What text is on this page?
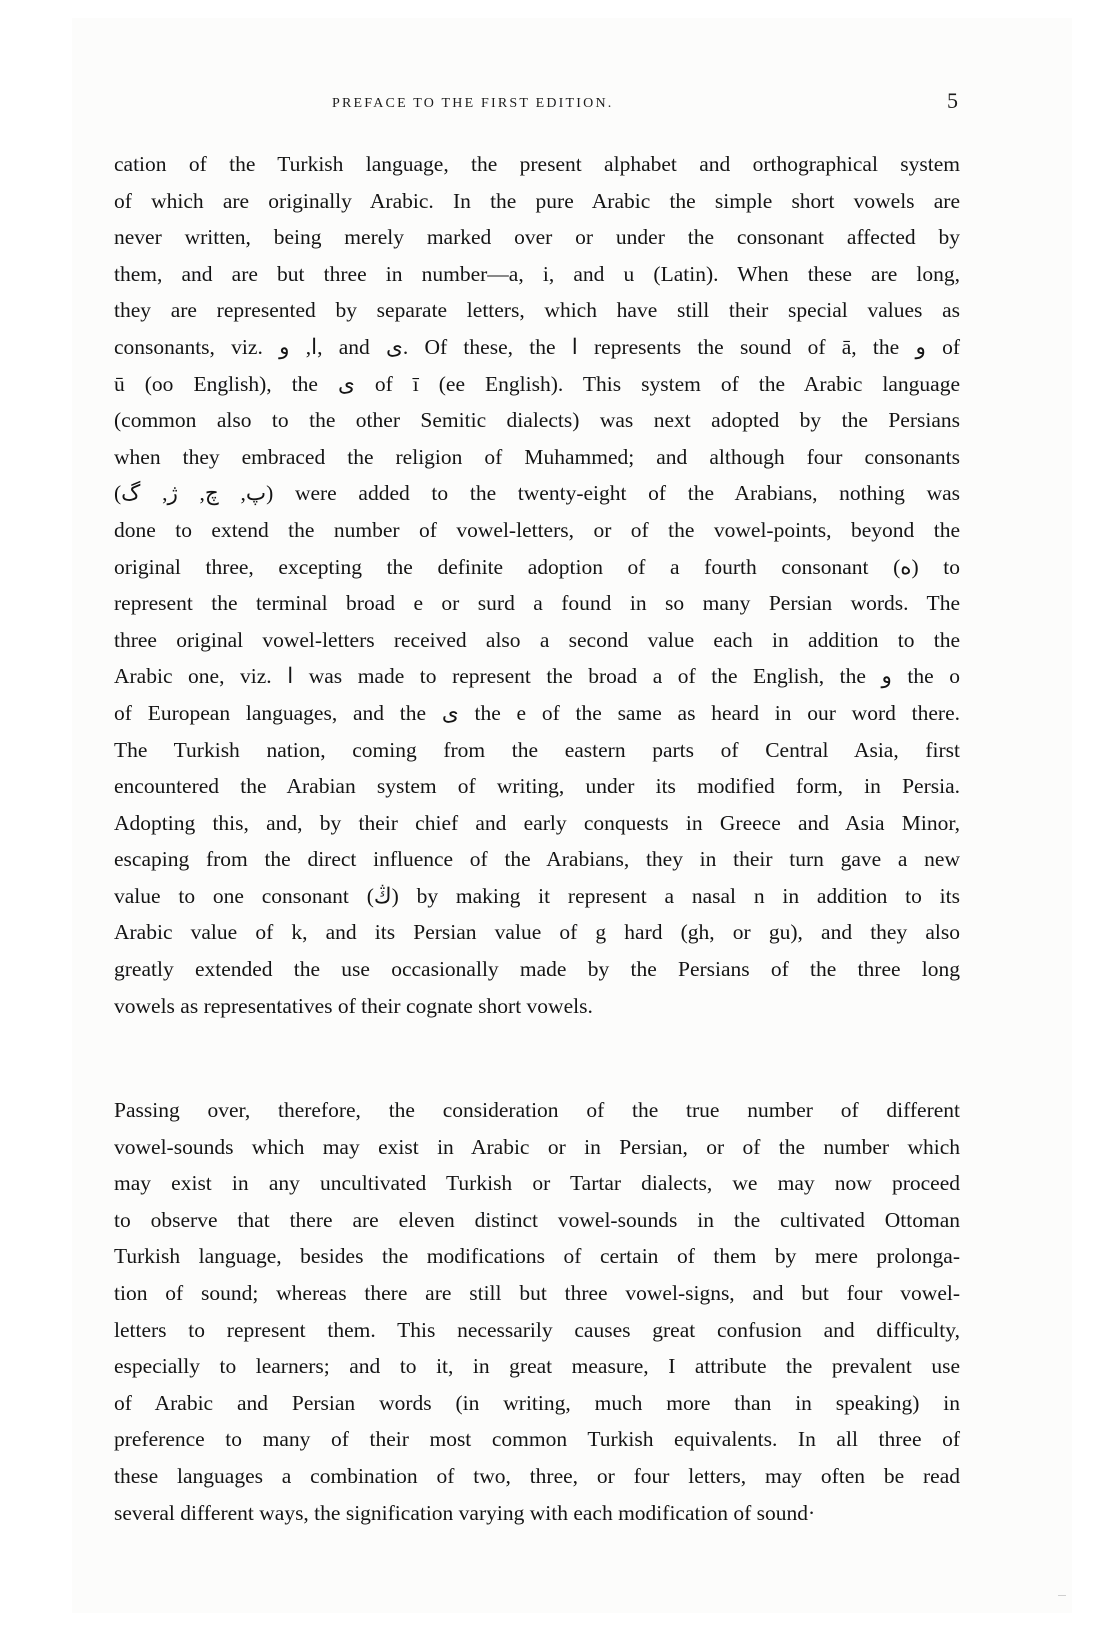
PREFACE TO THE FIRST EDITION.	5
cation of the Turkish language, the present alphabet and orthographical system
of which are originally Arabic. In the pure Arabic the simple short vowels are
never written, being merely marked over or under the consonant affected by
them, and are but three in number—a, i, and u (Latin). When these are long,
they are represented by separate letters, which have still their special values as
consonants, viz. ا, و, and ى. Of these, the ا represents the sound of ā, the و of
ū (oo English), the ى of ī (ee English). This system of the Arabic language
(common also to the other Semitic dialects) was next adopted by the Persians
when they embraced the religion of Muhammed; and although four consonants
(پ, چ, ژ, گ) were added to the twenty-eight of the Arabians, nothing was
done to extend the number of vowel-letters, or of the vowel-points, beyond the
original three, excepting the definite adoption of a fourth consonant (ه) to
represent the terminal broad e or surd a found in so many Persian words. The
three original vowel-letters received also a second value each in addition to the
Arabic one, viz. ا was made to represent the broad a of the English, the و the o
of European languages, and the ى the e of the same as heard in our word there.
The Turkish nation, coming from the eastern parts of Central Asia, first
encountered the Arabian system of writing, under its modified form, in Persia.
Adopting this, and, by their chief and early conquests in Greece and Asia Minor,
escaping from the direct influence of the Arabians, they in their turn gave a new
value to one consonant (ڭ) by making it represent a nasal n in addition to its
Arabic value of k, and its Persian value of g hard (gh, or gu), and they also
greatly extended the use occasionally made by the Persians of the three long
vowels as representatives of their cognate short vowels.
Passing over, therefore, the consideration of the true number of different
vowel-sounds which may exist in Arabic or in Persian, or of the number which
may exist in any uncultivated Turkish or Tartar dialects, we may now proceed
to observe that there are eleven distinct vowel-sounds in the cultivated Ottoman
Turkish language, besides the modifications of certain of them by mere prolonga-
tion of sound; whereas there are still but three vowel-signs, and but four vowel-
letters to represent them. This necessarily causes great confusion and difficulty,
especially to learners; and to it, in great measure, I attribute the prevalent use
of Arabic and Persian words (in writing, much more than in speaking) in
preference to many of their most common Turkish equivalents. In all three of
these languages a combination of two, three, or four letters, may often be read
several different ways, the signification varying with each modification of sound·
